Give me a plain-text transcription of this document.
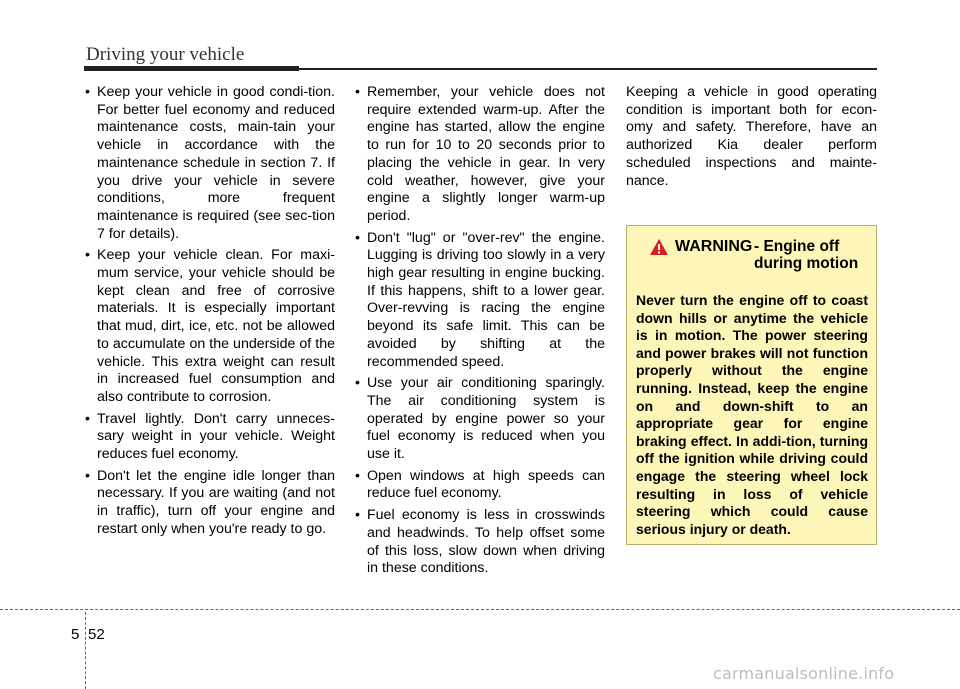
Driving your vehicle
• Keep your vehicle in good condi-tion. For better fuel economy and reduced maintenance costs, main-tain your vehicle in accordance with the maintenance schedule in section 7. If you drive your vehicle in severe conditions, more frequent maintenance is required (see sec-tion 7 for details).
• Keep your vehicle clean. For maxi-mum service, your vehicle should be kept clean and free of corrosive materials. It is especially important that mud, dirt, ice, etc. not be allowed to accumulate on the underside of the vehicle. This extra weight can result in increased fuel consumption and also contribute to corrosion.
• Travel lightly. Don't carry unneces-sary weight in your vehicle. Weight reduces fuel economy.
• Don't let the engine idle longer than necessary. If you are waiting (and not in traffic), turn off your engine and restart only when you're ready to go.
• Remember, your vehicle does not require extended warm-up. After the engine has started, allow the engine to run for 10 to 20 seconds prior to placing the vehicle in gear. In very cold weather, however, give your engine a slightly longer warm-up period.
• Don't "lug" or "over-rev" the engine. Lugging is driving too slowly in a very high gear resulting in engine bucking. If this happens, shift to a lower gear. Over-revving is racing the engine beyond its safe limit. This can be avoided by shifting at the recommended speed.
• Use your air conditioning sparingly. The air conditioning system is operated by engine power so your fuel economy is reduced when you use it.
• Open windows at high speeds can reduce fuel economy.
• Fuel economy is less in crosswinds and headwinds. To help offset some of this loss, slow down when driving in these conditions.

Keeping a vehicle in good operating condition is important both for econ-omy and safety. Therefore, have an authorized Kia dealer perform scheduled inspections and mainte-nance.

WARNING - Engine off during motion
Never turn the engine off to coast down hills or anytime the vehicle is in motion. The power steering and power brakes will not function properly without the engine running. Instead, keep the engine on and down-shift to an appropriate gear for engine braking effect. In addi-tion, turning off the ignition while driving could engage the steering wheel lock resulting in loss of vehicle steering which could cause serious injury or death.
5 52
carmanualsonline.info
